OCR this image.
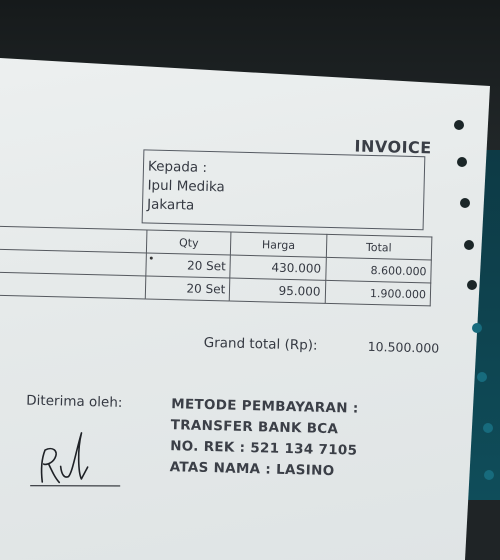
INVOICE
Kepada :
Ipul Medika
Jakarta
	Qty	Harga	Total
	20 Set	430.000	8.600.000
	20 Set	95.000	1.900.000
Grand total (Rp):	10.500.000
Diterima oleh:	METODE PEMBAYARAN :
TRANSFER BANK BCA
NO. REK : 521 134 7105
ATAS NAMA : LASINO
